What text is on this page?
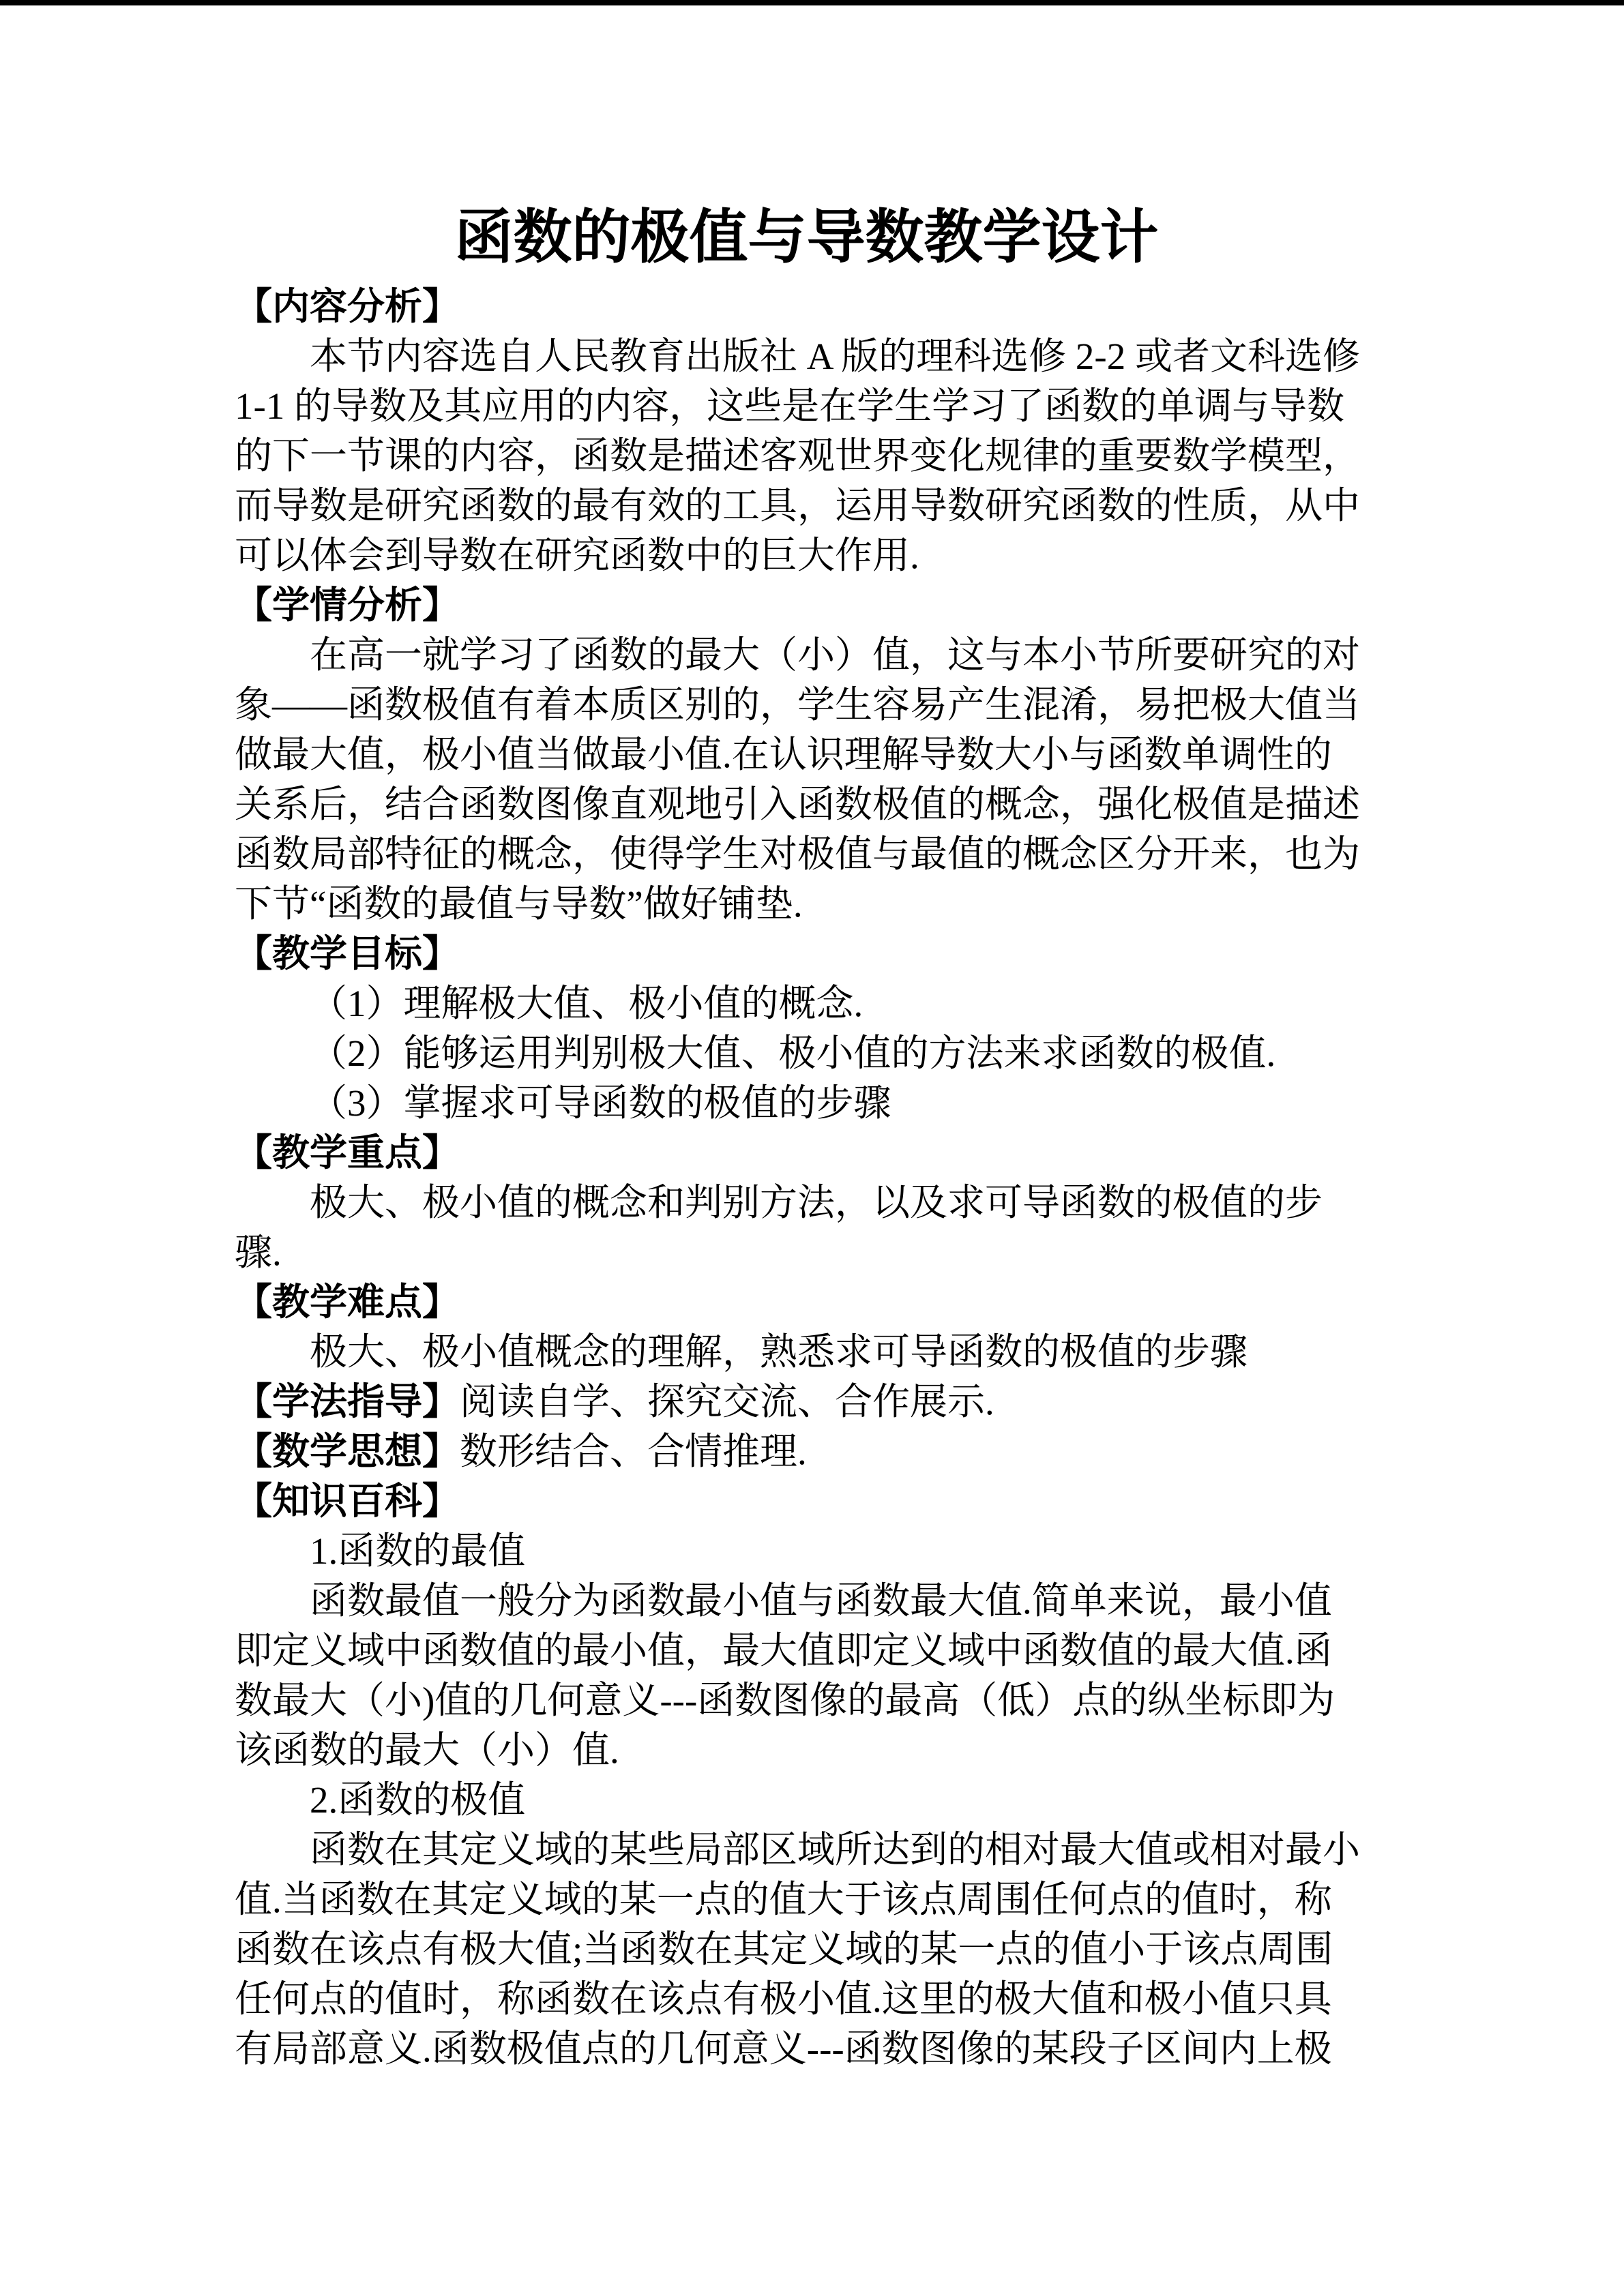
函数的极值与导数教学设计
【内容分析】
本节内容选自人民教育出版社 A 版的理科选修 2-2 或者文科选修
1-1 的导数及其应用的内容，这些是在学生学习了函数的单调与导数
的下一节课的内容，函数是描述客观世界变化规律的重要数学模型，
而导数是研究函数的最有效的工具，运用导数研究函数的性质，从中
可以体会到导数在研究函数中的巨大作用.
【学情分析】
在高一就学习了函数的最大（小）值，这与本小节所要研究的对
象——函数极值有着本质区别的，学生容易产生混淆，易把极大值当
做最大值，极小值当做最小值.在认识理解导数大小与函数单调性的
关系后，结合函数图像直观地引入函数极值的概念，强化极值是描述
函数局部特征的概念，使得学生对极值与最值的概念区分开来，也为
下节“函数的最值与导数”做好铺垫.
【教学目标】
（1）理解极大值、极小值的概念.
（2）能够运用判别极大值、极小值的方法来求函数的极值.
（3）掌握求可导函数的极值的步骤
【教学重点】
极大、极小值的概念和判别方法，以及求可导函数的极值的步
骤.
【教学难点】
极大、极小值概念的理解，熟悉求可导函数的极值的步骤
【学法指导】阅读自学、探究交流、合作展示.
【数学思想】数形结合、合情推理.
【知识百科】
1.函数的最值
函数最值一般分为函数最小值与函数最大值.简单来说，最小值
即定义域中函数值的最小值，最大值即定义域中函数值的最大值.函
数最大（小)值的几何意义---函数图像的最高（低）点的纵坐标即为
该函数的最大（小）值.
2.函数的极值
函数在其定义域的某些局部区域所达到的相对最大值或相对最小
值.当函数在其定义域的某一点的值大于该点周围任何点的值时，称
函数在该点有极大值;当函数在其定义域的某一点的值小于该点周围
任何点的值时，称函数在该点有极小值.这里的极大值和极小值只具
有局部意义.函数极值点的几何意义---函数图像的某段子区间内上极
